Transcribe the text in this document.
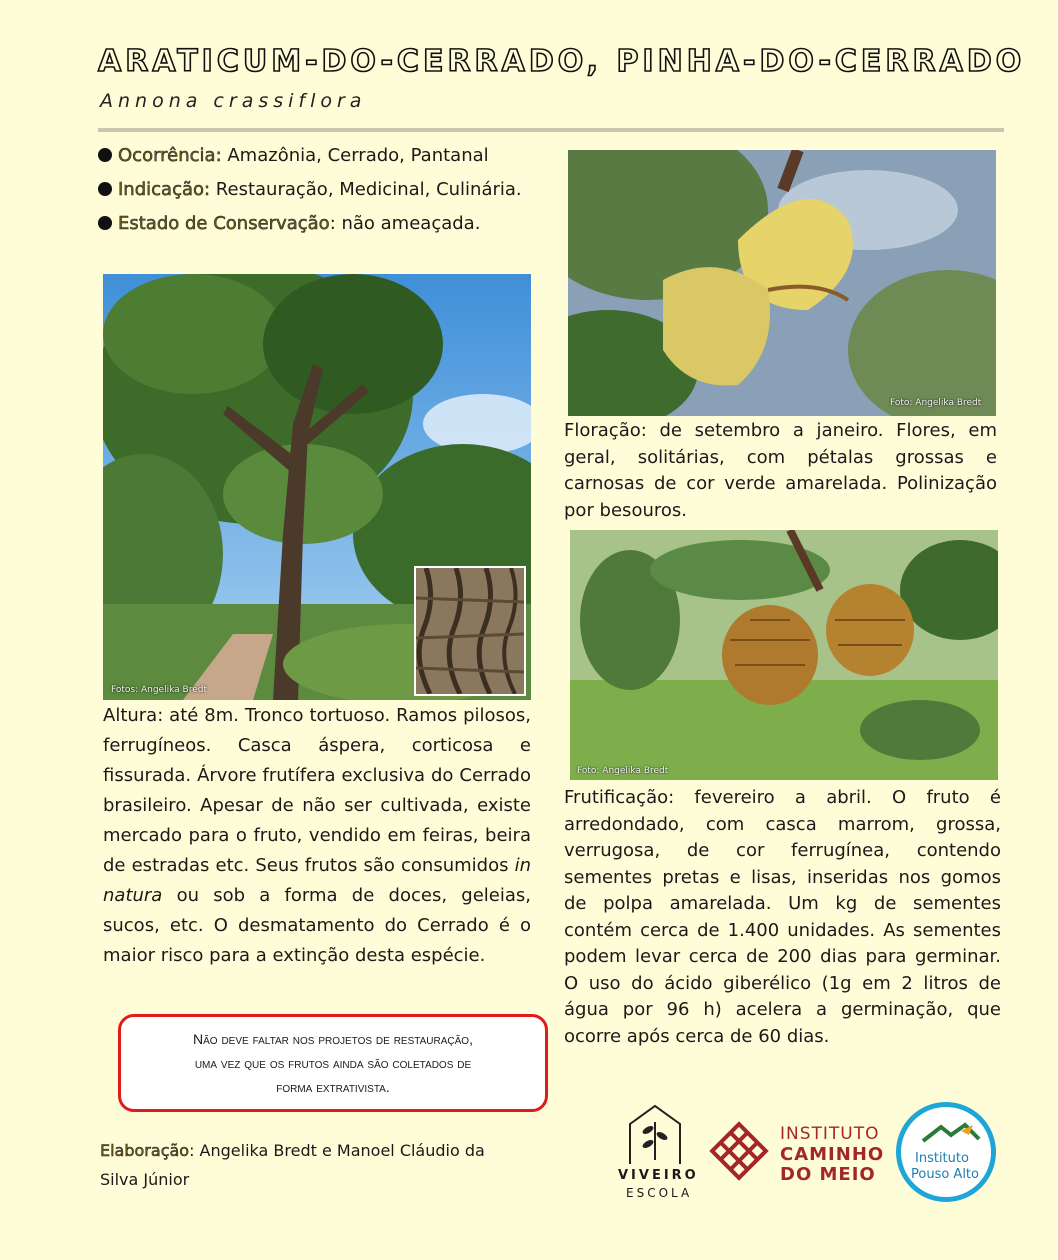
ARATICUM-DO-CERRADO, PINHA-DO-CERRADO
Annona crassiflora

Ocorrência: Amazônia, Cerrado, Pantanal

Indicação: Restauração, Medicinal, Culinária.

Estado de Conservação: não ameaçada.

Fotos: Angelika Bredt
Altura: até 8m. Tronco tortuoso. Ramos pilosos, ferrugíneos. Casca áspera, corticosa e fissurada. Árvore frutífera exclusiva do Cerrado brasileiro. Apesar de não ser cultivada, existe mercado para o fruto, vendido em feiras, beira de estradas etc. Seus frutos são consumidos in natura ou sob a forma de doces, geleias, sucos, etc. O desmatamento do Cerrado é o maior risco para a extinção desta espécie.
Não deve faltar nos projetos de restauração,
uma vez que os frutos ainda são coletados de
forma extrativista.
Elaboração: Angelika Bredt e Manoel Cláudio da Silva Júnior
Foto: Angelika Bredt
Floração: de setembro a janeiro. Flores, em geral, solitárias, com pétalas grossas e carnosas de cor verde amarelada. Polinização por besouros.
Foto: Angelika Bredt
Frutificação: fevereiro a abril. O fruto é arredondado, com casca marrom, grossa, verrugosa, de cor ferrugínea, contendo sementes pretas e lisas, inseridas nos gomos de polpa amarelada. Um kg de sementes contém cerca de 1.400 unidades. As sementes podem levar cerca de 200 dias para germinar. O uso do ácido giberélico (1g em 2 litros de água por 96 h) acelera a germinação, que ocorre após cerca de 60 dias.
VIVEIRO
ESCOLA
INSTITUTO
CAMINHO
DO MEIO
Instituto
Pouso Alto
